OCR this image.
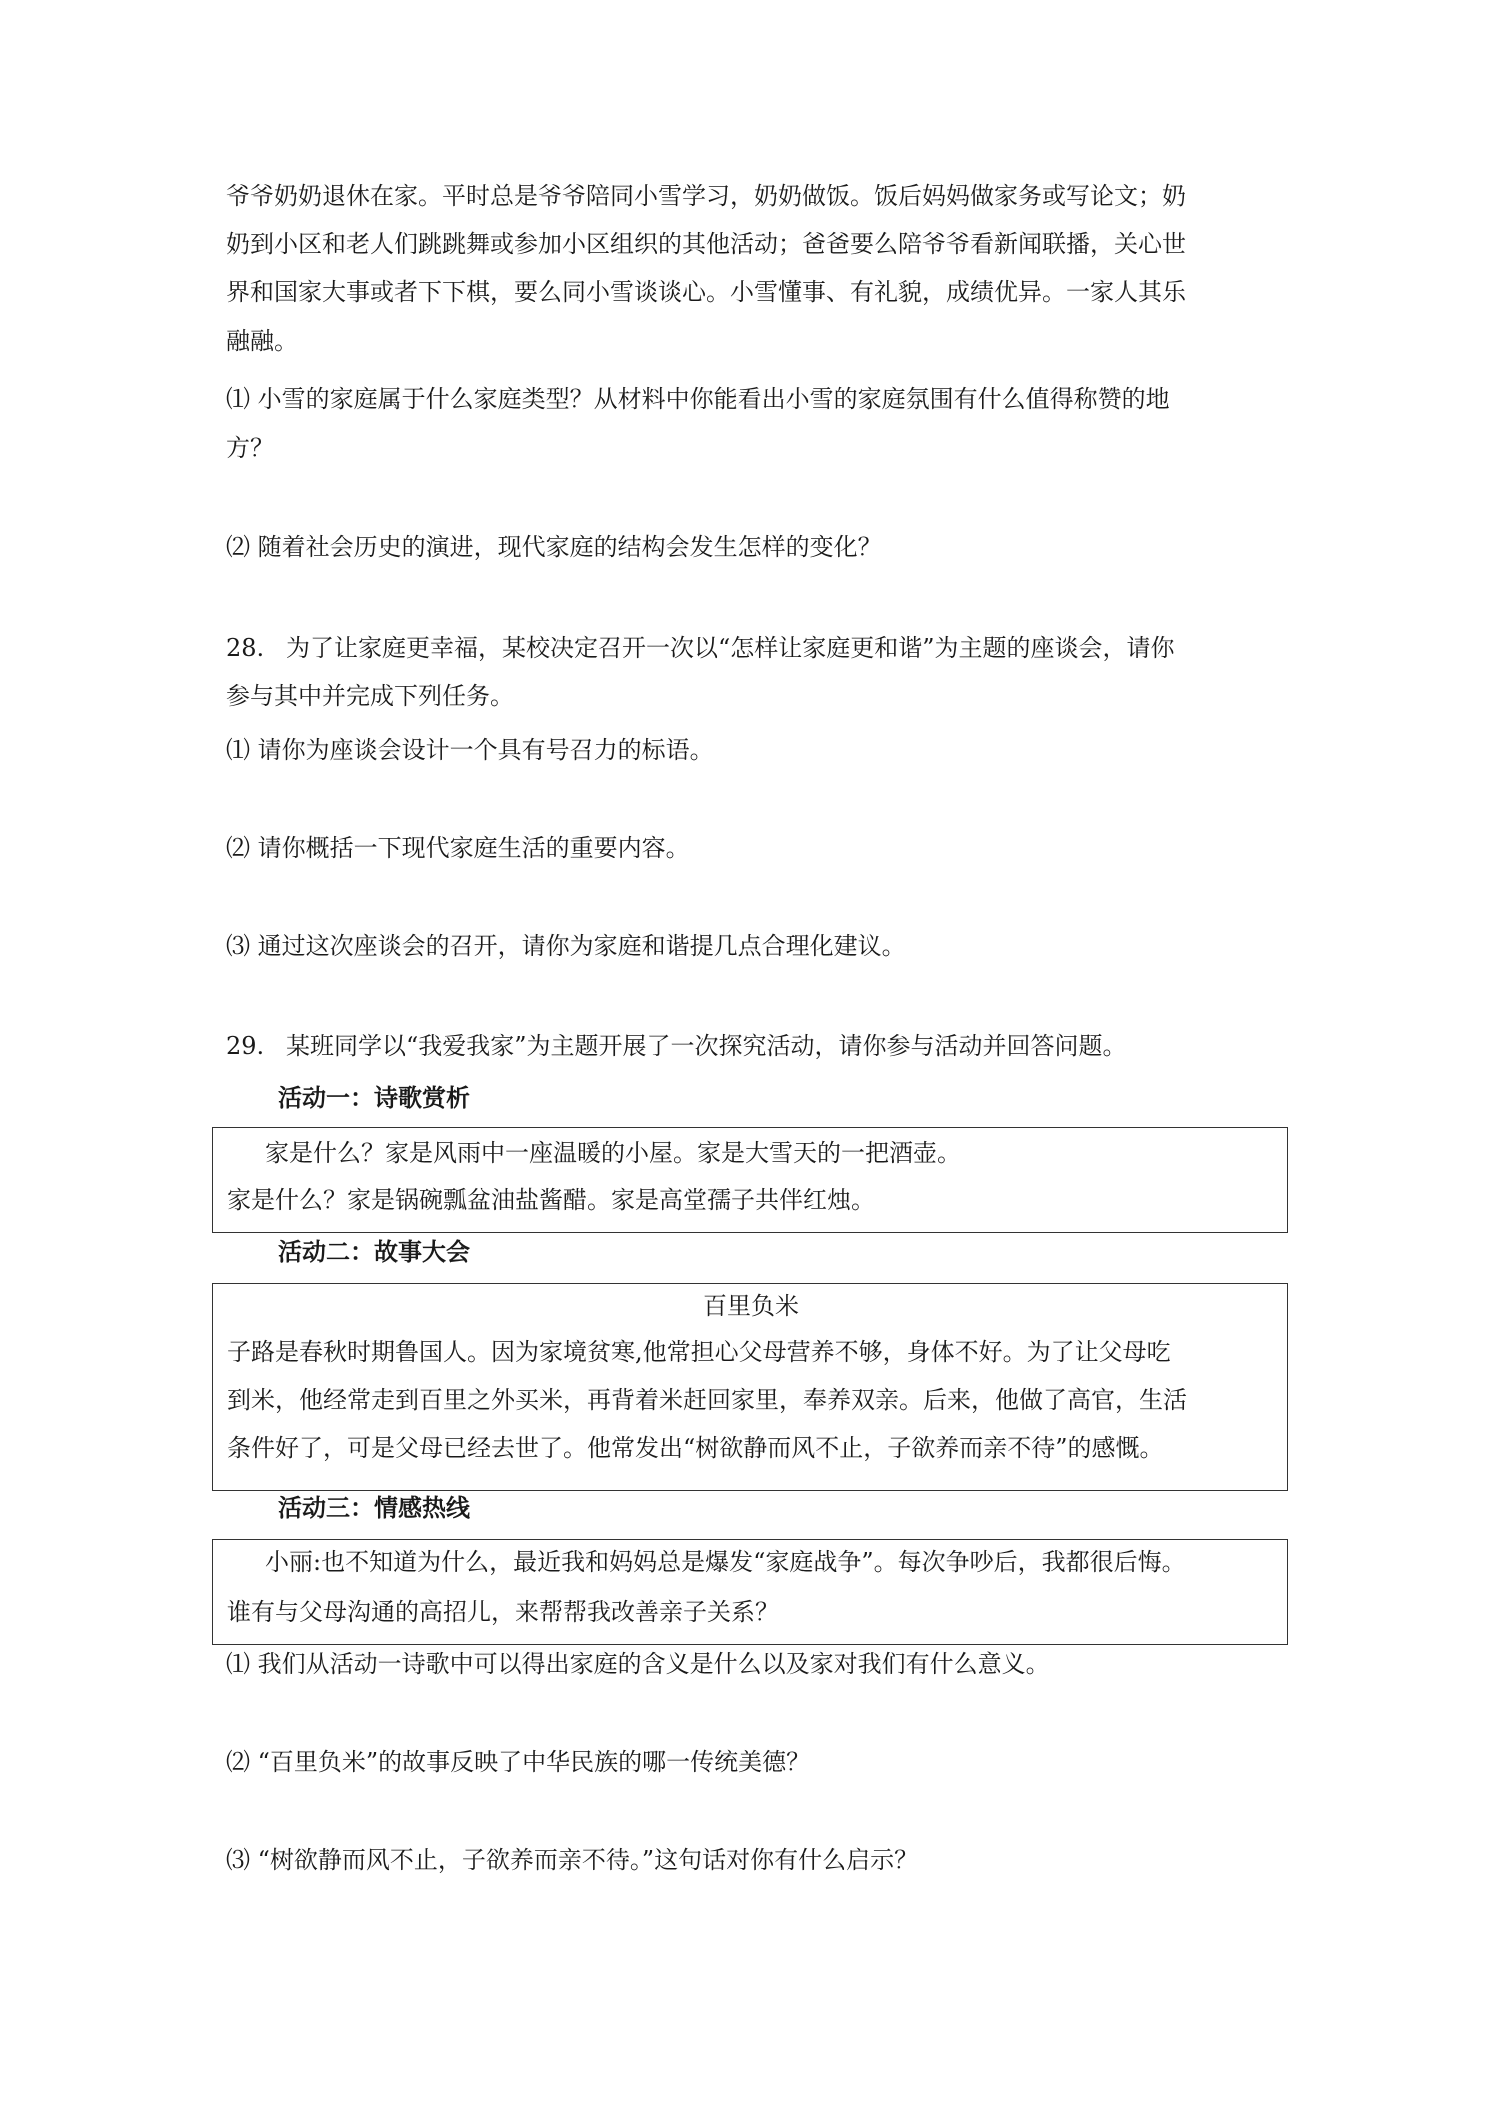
爷爷奶奶退休在家。平时总是爷爷陪同小雪学习，奶奶做饭。饭后妈妈做家务或写论文；奶
奶到小区和老人们跳跳舞或参加小区组织的其他活动；爸爸要么陪爷爷看新闻联播，关心世
界和国家大事或者下下棋，要么同小雪谈谈心。小雪懂事、有礼貌，成绩优异。一家人其乐
融融。
⑴ 小雪的家庭属于什么家庭类型？从材料中你能看出小雪的家庭氛围有什么值得称赞的地
方？
⑵ 随着社会历史的演进，现代家庭的结构会发生怎样的变化？
28. 为了让家庭更幸福，某校决定召开一次以“怎样让家庭更和谐”为主题的座谈会，请你
参与其中并完成下列任务。
⑴ 请你为座谈会设计一个具有号召力的标语。
⑵ 请你概括一下现代家庭生活的重要内容。
⑶ 通过这次座谈会的召开，请你为家庭和谐提几点合理化建议。
29. 某班同学以“我爱我家”为主题开展了一次探究活动，请你参与活动并回答问题。
活动一：诗歌赏析
家是什么？家是风雨中一座温暖的小屋。家是大雪天的一把酒壶。
家是什么？家是锅碗瓢盆油盐酱醋。家是高堂孺子共伴红烛。
活动二：故事大会
百里负米
子路是春秋时期鲁国人。因为家境贫寒,他常担心父母营养不够，身体不好。为了让父母吃
到米，他经常走到百里之外买米，再背着米赶回家里，奉养双亲。后来，他做了高官，生活
条件好了，可是父母已经去世了。他常发出“树欲静而风不止，子欲养而亲不待”的感慨。
活动三：情感热线
小丽:也不知道为什么，最近我和妈妈总是爆发“家庭战争”。每次争吵后，我都很后悔。
谁有与父母沟通的高招儿，来帮帮我改善亲子关系？
⑴ 我们从活动一诗歌中可以得出家庭的含义是什么以及家对我们有什么意义。
⑵ “百里负米”的故事反映了中华民族的哪一传统美德？
⑶ “树欲静而风不止，子欲养而亲不待。”这句话对你有什么启示？
